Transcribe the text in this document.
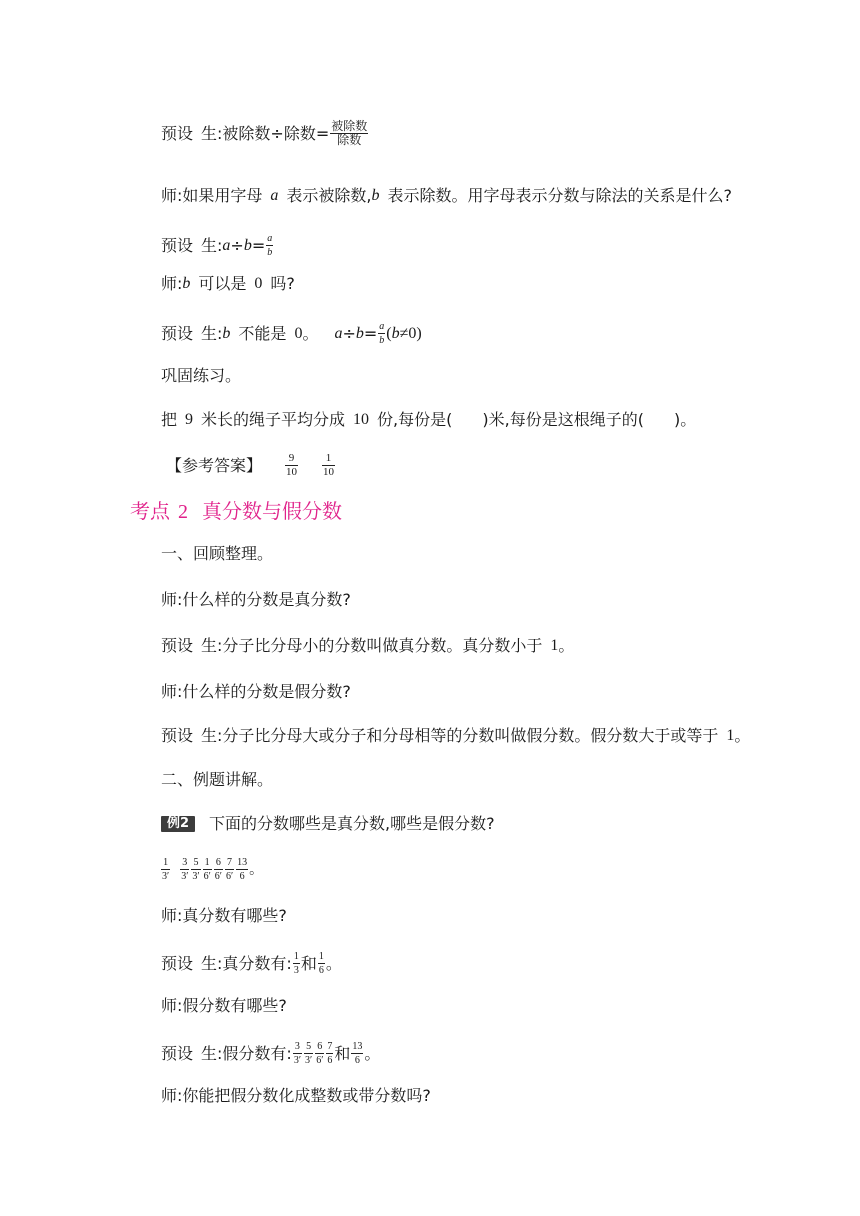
预设 生:被除数÷除数= $\frac{\text{被除数}}{\text{除数}}$
师:如果用字母 a 表示被除数, b 表示除数。用字母表示分数与除法的关系是什么?
预设 生: $a \div b = \frac{a}{b}$
师: b 可以是 0 吗?
预设 生: b 不能是 0 。 $a \div b = \frac{a}{b}$ ( b ≠ 0 )
巩固练习。
把 9 米长的绳子平均分成 10 份,每份是( )米,每份是这根绳子的( )。
【参考答案】 $\frac{9}{10} \frac{1}{10}$
考点 2 真分数与假分数
一、回顾整理。
师:什么样的分数是真分数?
预设 生:分子比分母小的分数叫做真分数。真分数小于 1 。
师:什么样的分数是假分数?
预设 生:分子比分母大或分子和分母相等的分数叫做假分数。假分数大于或等于 1 。
二、例题讲解。
例2	下面的分数哪些是真分数,哪些是假分数?
$\frac{1}{3'} \frac{3}{3'} \frac{5}{3'} \frac{1}{6'} \frac{6}{6'} \frac{7}{6'} \frac{13}{6}$ 。
师:真分数有哪些?
预设 生:真分数有: $\frac{1}{3}$ 和 $\frac{1}{6}$ 。
师:假分数有哪些?
预设 生:假分数有: $\frac{3}{3'} \frac{5}{3'} \frac{6}{6'} \frac{7}{6}$ 和 $\frac{13}{6}$ 。
师:你能把假分数化成整数或带分数吗?
